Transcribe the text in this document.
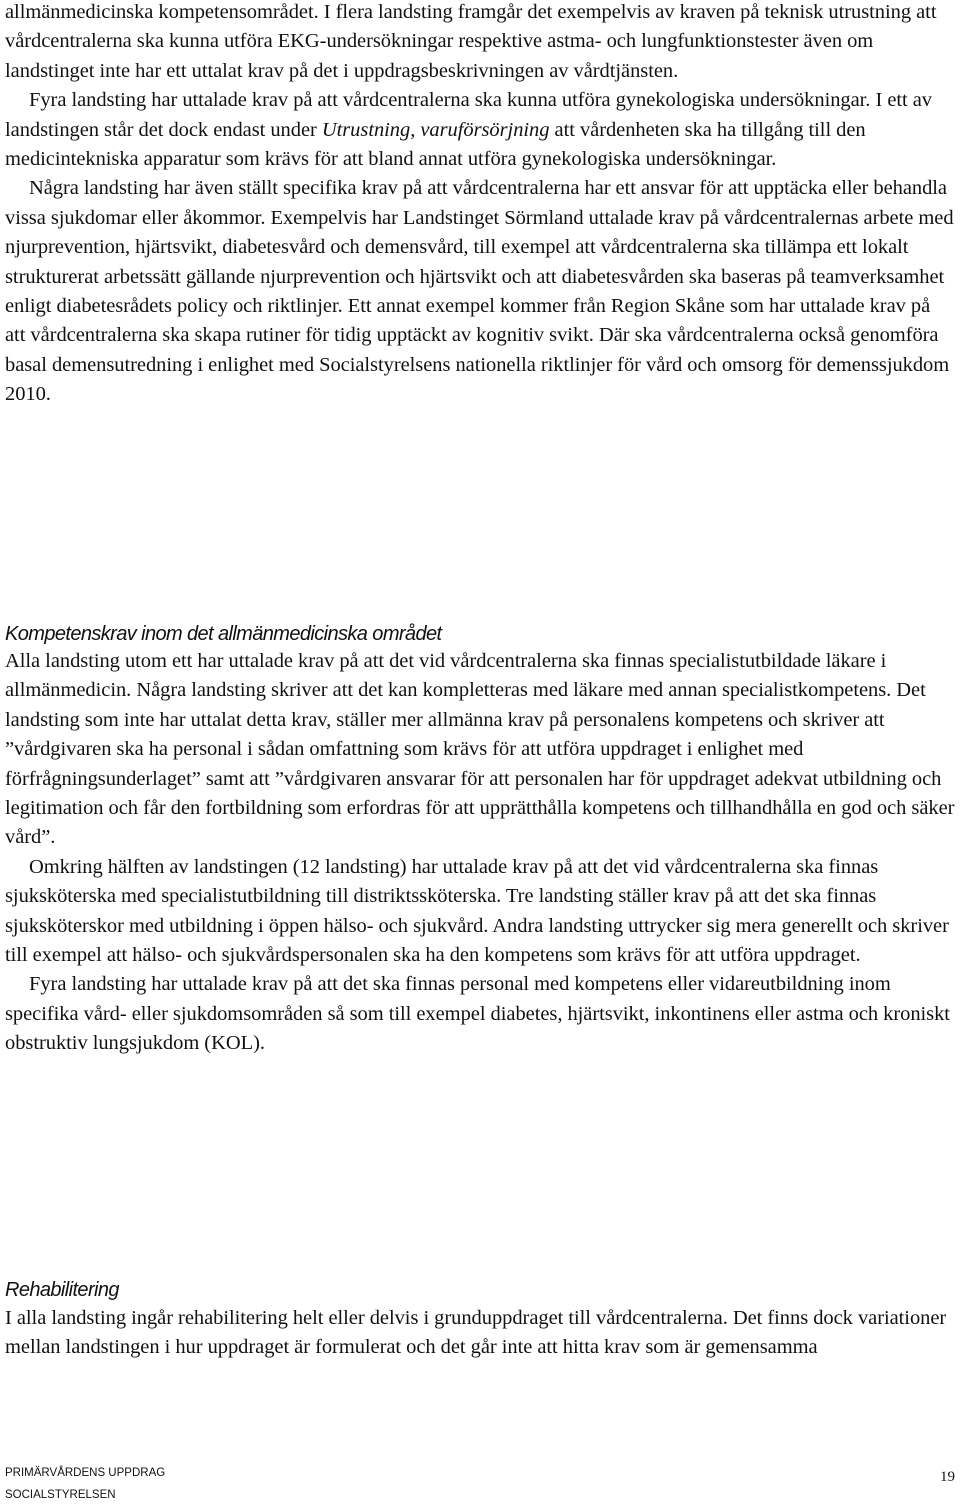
allmänmedicinska kompetensområdet. I flera landsting framgår det exempelvis av kraven på teknisk utrustning att vårdcentralerna ska kunna utföra EKG-undersökningar respektive astma- och lungfunktionstester även om landstinget inte har ett uttalat krav på det i uppdragsbeskrivningen av vårdtjänsten.

Fyra landsting har uttalade krav på att vårdcentralerna ska kunna utföra gynekologiska undersökningar. I ett av landstingen står det dock endast under Utrustning, varuförsörjning att vårdenheten ska ha tillgång till den medicintekniska apparatur som krävs för att bland annat utföra gynekologiska undersökningar.

Några landsting har även ställt specifika krav på att vårdcentralerna har ett ansvar för att upptäcka eller behandla vissa sjukdomar eller åkommor. Exempelvis har Landstinget Sörmland uttalade krav på vårdcentralernas arbete med njurprevention, hjärtsvikt, diabetesvård och demensvård, till exempel att vårdcentralerna ska tillämpa ett lokalt strukturerat arbetssätt gällande njurprevention och hjärtsvikt och att diabetesvården ska baseras på teamverksamhet enligt diabetesrådets policy och riktlinjer. Ett annat exempel kommer från Region Skåne som har uttalade krav på att vårdcentralerna ska skapa rutiner för tidig upptäckt av kognitiv svikt. Där ska vårdcentralerna också genomföra basal demensutredning i enlighet med Socialstyrelsens nationella riktlinjer för vård och omsorg för demenssjukdom 2010.

Kompetenskrav inom det allmänmedicinska området

Alla landsting utom ett har uttalade krav på att det vid vårdcentralerna ska finnas specialistutbildade läkare i allmänmedicin. Några landsting skriver att det kan kompletteras med läkare med annan specialistkompetens. Det landsting som inte har uttalat detta krav, ställer mer allmänna krav på personalens kompetens och skriver att ”vårdgivaren ska ha personal i sådan omfattning som krävs för att utföra uppdraget i enlighet med förfrågningsunderlaget” samt att ”vårdgivaren ansvarar för att personalen har för uppdraget adekvat utbildning och legitimation och får den fortbildning som erfordras för att upprätthålla kompetens och tillhandhålla en god och säker vård”.

Omkring hälften av landstingen (12 landsting) har uttalade krav på att det vid vårdcentralerna ska finnas sjuksköterska med specialistutbildning till distriktssköterska. Tre landsting ställer krav på att det ska finnas sjuksköterskor med utbildning i öppen hälso- och sjukvård. Andra landsting uttrycker sig mera generellt och skriver till exempel att hälso- och sjukvårdspersonalen ska ha den kompetens som krävs för att utföra uppdraget.

Fyra landsting har uttalade krav på att det ska finnas personal med kompetens eller vidareutbildning inom specifika vård- eller sjukdomsområden så som till exempel diabetes, hjärtsvikt, inkontinens eller astma och kroniskt obstruktiv lungsjukdom (KOL).

Rehabilitering

I alla landsting ingår rehabilitering helt eller delvis i grunduppdraget till vårdcentralerna. Det finns dock variationer mellan landstingen i hur uppdraget är formulerat och det går inte att hitta krav som är gemensamma

PRIMÄRVÅRDENS UPPDRAG
SOCIALSTYRELSEN
19
